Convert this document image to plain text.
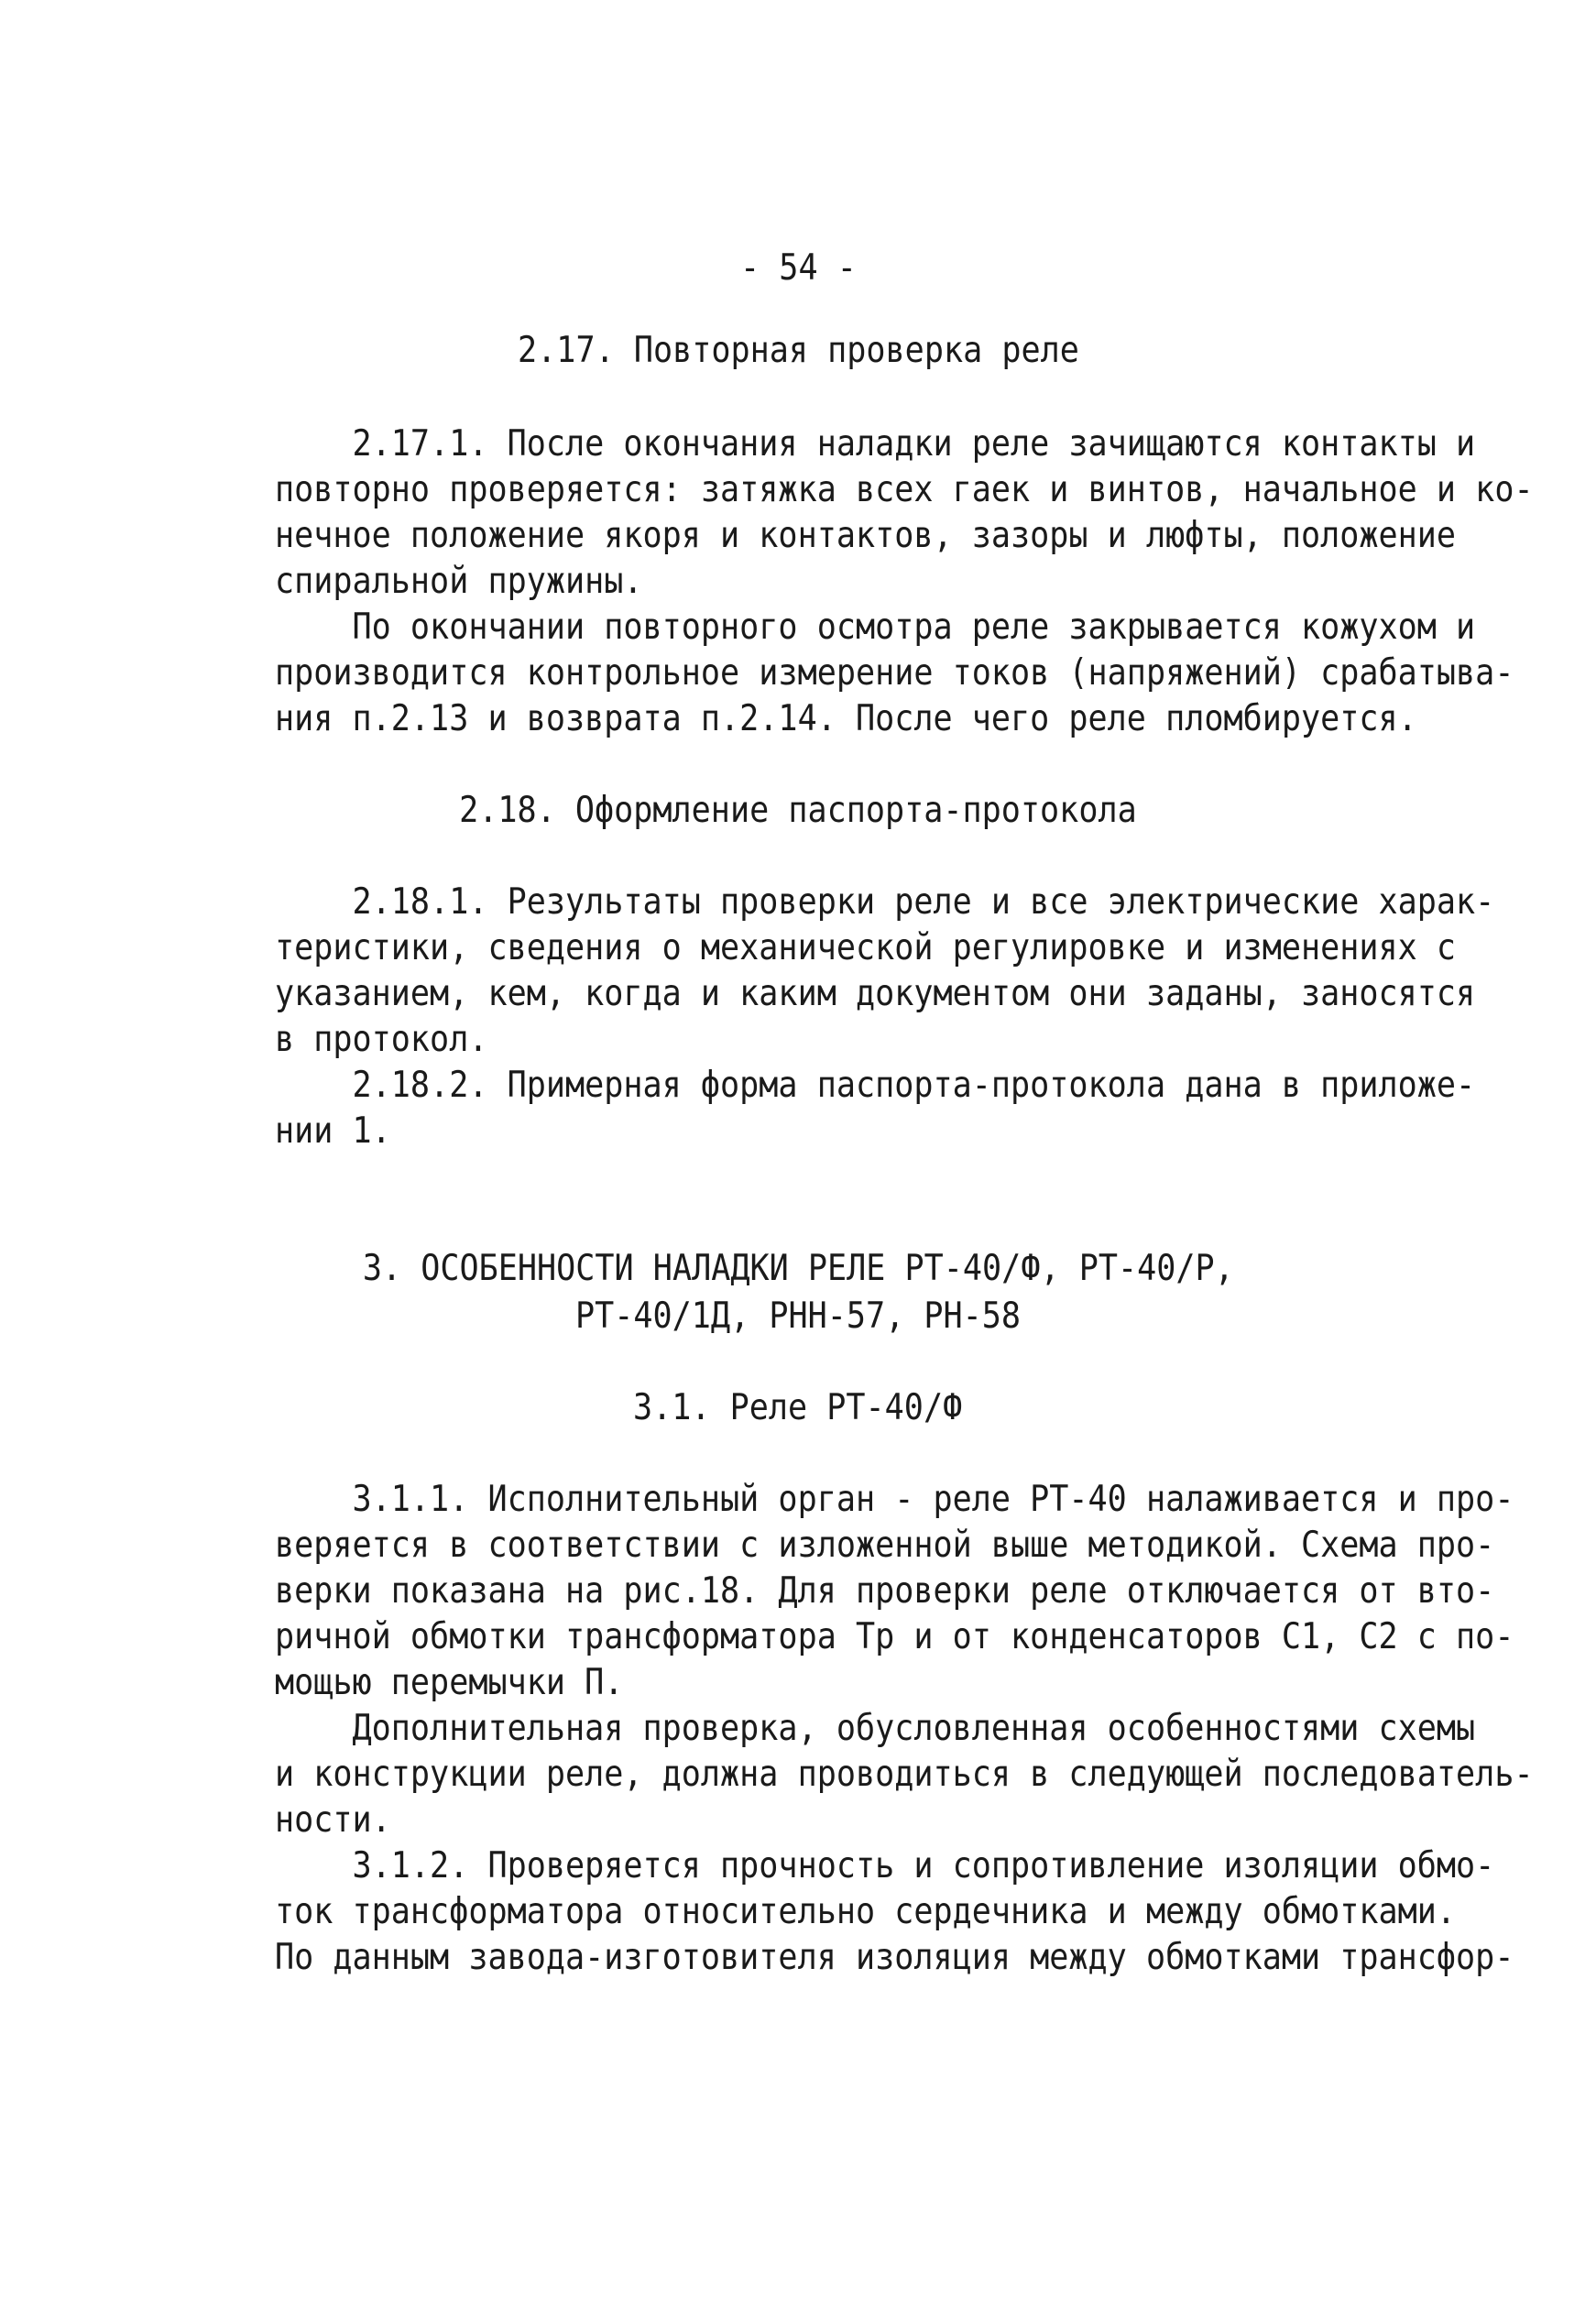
- 54 -
2.17. Повторная проверка реле
2.17.1. После окончания наладки реле зачищаются контакты и
повторно проверяется: затяжка всех гаек и винтов, начальное и ко-
нечное положение якоря и контактов, зазоры и люфты, положение
спиральной пружины.
По окончании повторного осмотра реле закрывается кожухом и
производится контрольное измерение токов (напряжений) срабатыва-
ния п.2.13 и возврата п.2.14. После чего реле пломбируется.
2.18. Оформление паспорта-протокола
2.18.1. Результаты проверки реле и все электрические харак-
теристики, сведения о механической регулировке и изменениях с
указанием, кем, когда и каким документом они заданы, заносятся
в протокол.
2.18.2. Примерная форма паспорта-протокола дана в приложе-
нии 1.
3. ОСОБЕННОСТИ НАЛАДКИ РЕЛЕ РТ-40/Ф, РТ-40/Р,
РТ-40/1Д, РНН-57, РН-58
3.1. Реле РТ-40/Ф
3.1.1. Исполнительный орган - реле РТ-40 налаживается и про-
веряется в соответствии с изложенной выше методикой. Схема про-
верки показана на рис.18. Для проверки реле отключается от вто-
ричной обмотки трансформатора Тр и от конденсаторов С1, С2 с по-
мощью перемычки П.
Дополнительная проверка, обусловленная особенностями схемы
и конструкции реле, должна проводиться в следующей последователь-
ности.
3.1.2. Проверяется прочность и сопротивление изоляции обмо-
ток трансформатора относительно сердечника и между обмотками.
По данным завода-изготовителя изоляция между обмотками трансфор-
